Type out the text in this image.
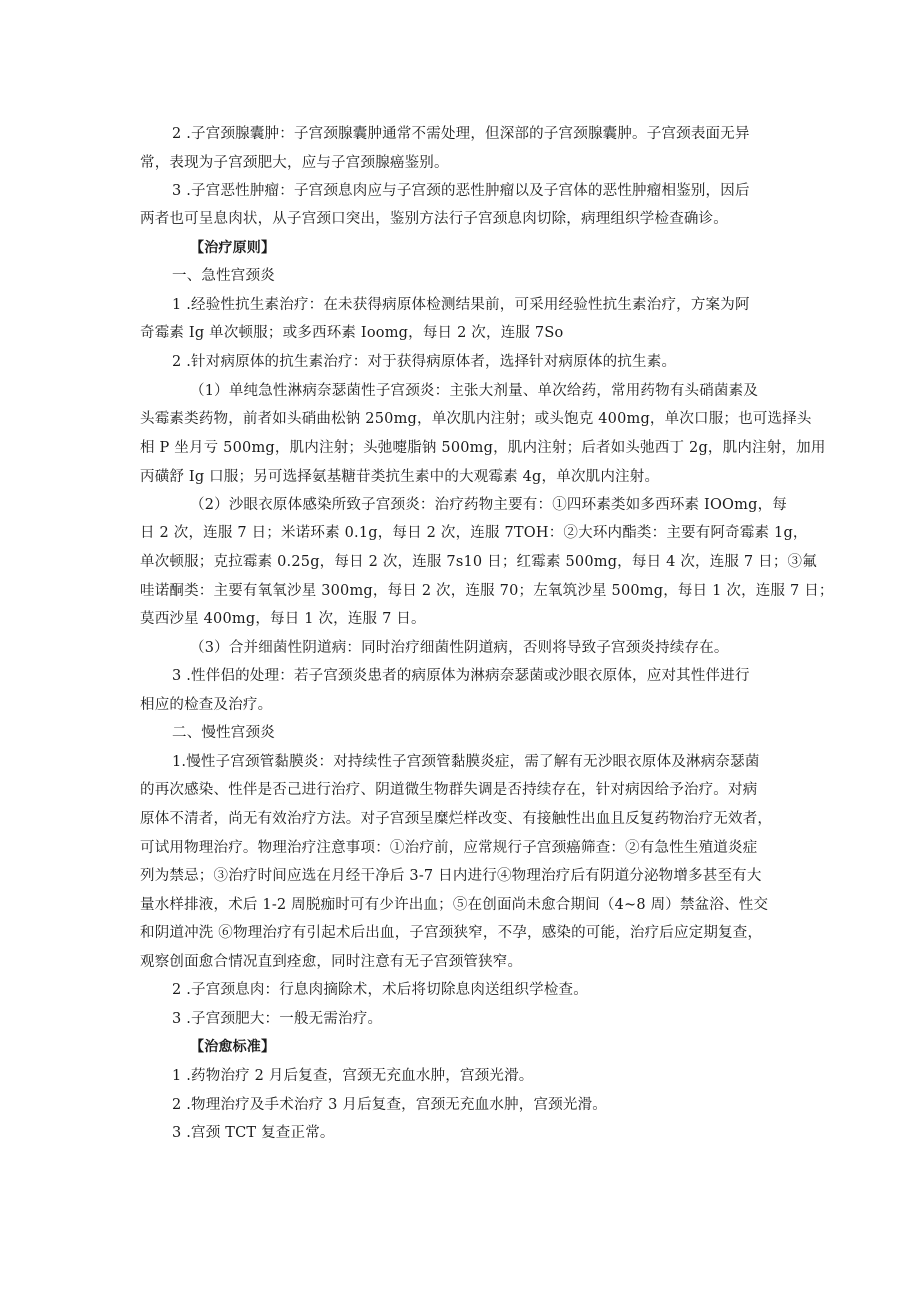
2 .子宫颈腺囊肿：子宫颈腺囊肿通常不需处理，但深部的子宫颈腺囊肿。子宫颈表面无异
常，表现为子宫颈肥大，应与子宫颈腺癌鉴别。
3 .子宫恶性肿瘤：子宫颈息肉应与子宫颈的恶性肿瘤以及子宫体的恶性肿瘤相鉴别，因后
两者也可呈息肉状，从子宫颈口突出，鉴别方法行子宫颈息肉切除，病理组织学检查确诊。
【治疗原则】
一、急性宫颈炎
1 .经验性抗生素治疗：在未获得病原体检测结果前，可采用经验性抗生素治疗，方案为阿
奇霉素 Ig 单次顿服；或多西环素 Ioomg，每日 2 次，连服 7So
2 .针对病原体的抗生素治疗：对于获得病原体者，选择针对病原体的抗生素。
（1）单纯急性淋病奈瑟菌性子宫颈炎：主张大剂量、单次给药，常用药物有头硝菌素及
头霉素类药物，前者如头硝曲松钠 250mg，单次肌内注射；或头饱克 400mg，单次口服；也可选择头
相 P 坐月亏 500mg，肌内注射；头弛嚏脂钠 500mg，肌内注射；后者如头弛西丁 2g，肌内注射，加用
丙磺舒 Ig 口服；另可选择氨基糖苷类抗生素中的大观霉素 4g，单次肌内注射。
（2）沙眼衣原体感染所致子宫颈炎：治疗药物主要有：①四环素类如多西环素 IOOmg，每
日 2 次，连服 7 日；米诺环素 0.1g，每日 2 次，连服 7TOH：②大环内酯类：主要有阿奇霉素 1g，
单次顿服；克拉霉素 0.25g，每日 2 次，连服 7s10 日；红霉素 500mg，每日 4 次，连服 7 日；③氟
哇诺酮类：主要有氧氧沙星 300mg，每日 2 次，连服 70；左氧筑沙星 500mg，每日 1 次，连服 7 日；
莫西沙星 400mg，每日 1 次，连服 7 日。
（3）合并细菌性阴道病：同时治疗细菌性阴道病，否则将导致子宫颈炎持续存在。
3 .性伴侣的处理：若子宫颈炎患者的病原体为淋病奈瑟菌或沙眼衣原体，应对其性伴进行
相应的检查及治疗。
二、慢性宫颈炎
1.慢性子宫颈管黏膜炎：对持续性子宫颈管黏膜炎症，需了解有无沙眼衣原体及淋病奈瑟菌
的再次感染、性伴是否己进行治疗、阴道微生物群失调是否持续存在，针对病因给予治疗。对病
原体不清者，尚无有效治疗方法。对子宫颈呈糜烂样改变、有接触性出血且反复药物治疗无效者，
可试用物理治疗。物理治疗注意事项：①治疗前，应常规行子宫颈癌筛查：②有急性生殖道炎症
列为禁忌；③治疗时间应选在月经干净后 3-7 日内进行④物理治疗后有阴道分泌物增多甚至有大
量水样排液，术后 1-2 周脱痂时可有少许出血；⑤在创面尚未愈合期间（4~8 周）禁盆浴、性交
和阴道冲洗 ⑥物理治疗有引起术后出血，子宫颈狭窄，不孕，感染的可能，治疗后应定期复查，
观察创面愈合情况直到痊愈，同时注意有无子宫颈管狭窄。
2 .子宫颈息肉：行息肉摘除术，术后将切除息肉送组织学检查。
3 .子宫颈肥大：一般无需治疗。
【治愈标准】
1 .药物治疗 2 月后复查，宫颈无充血水肿，宫颈光滑。
2 .物理治疗及手术治疗 3 月后复查，宫颈无充血水肿，宫颈光滑。
3 .宫颈 TCT 复查正常。
